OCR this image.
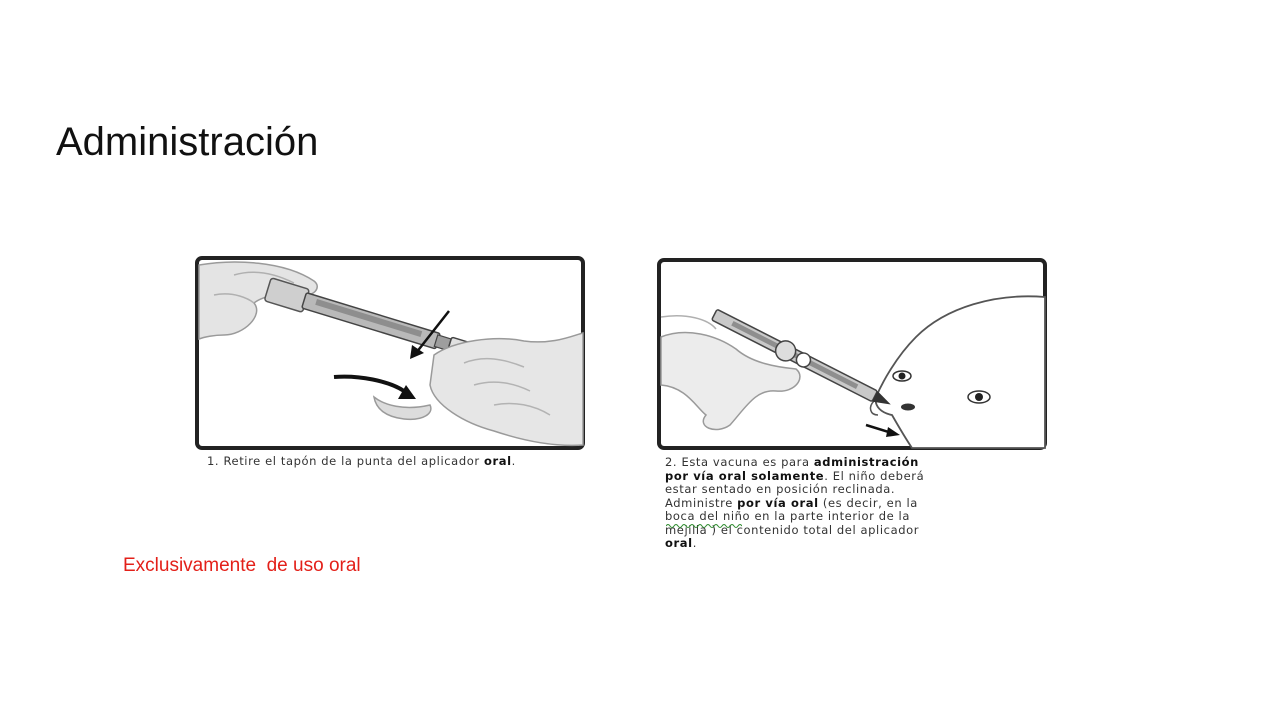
Administración
1. Retire el tapón de la punta del aplicador oral.	2. Esta vacuna es para administración
por vía oral solamente. El niño deberá
estar sentado en posición reclinada.
Administre por vía oral (es decir, en la
boca del niño en la parte interior de la
mejilla ) el contenido total del aplicador
oral.
Exclusivamente  de uso oral
